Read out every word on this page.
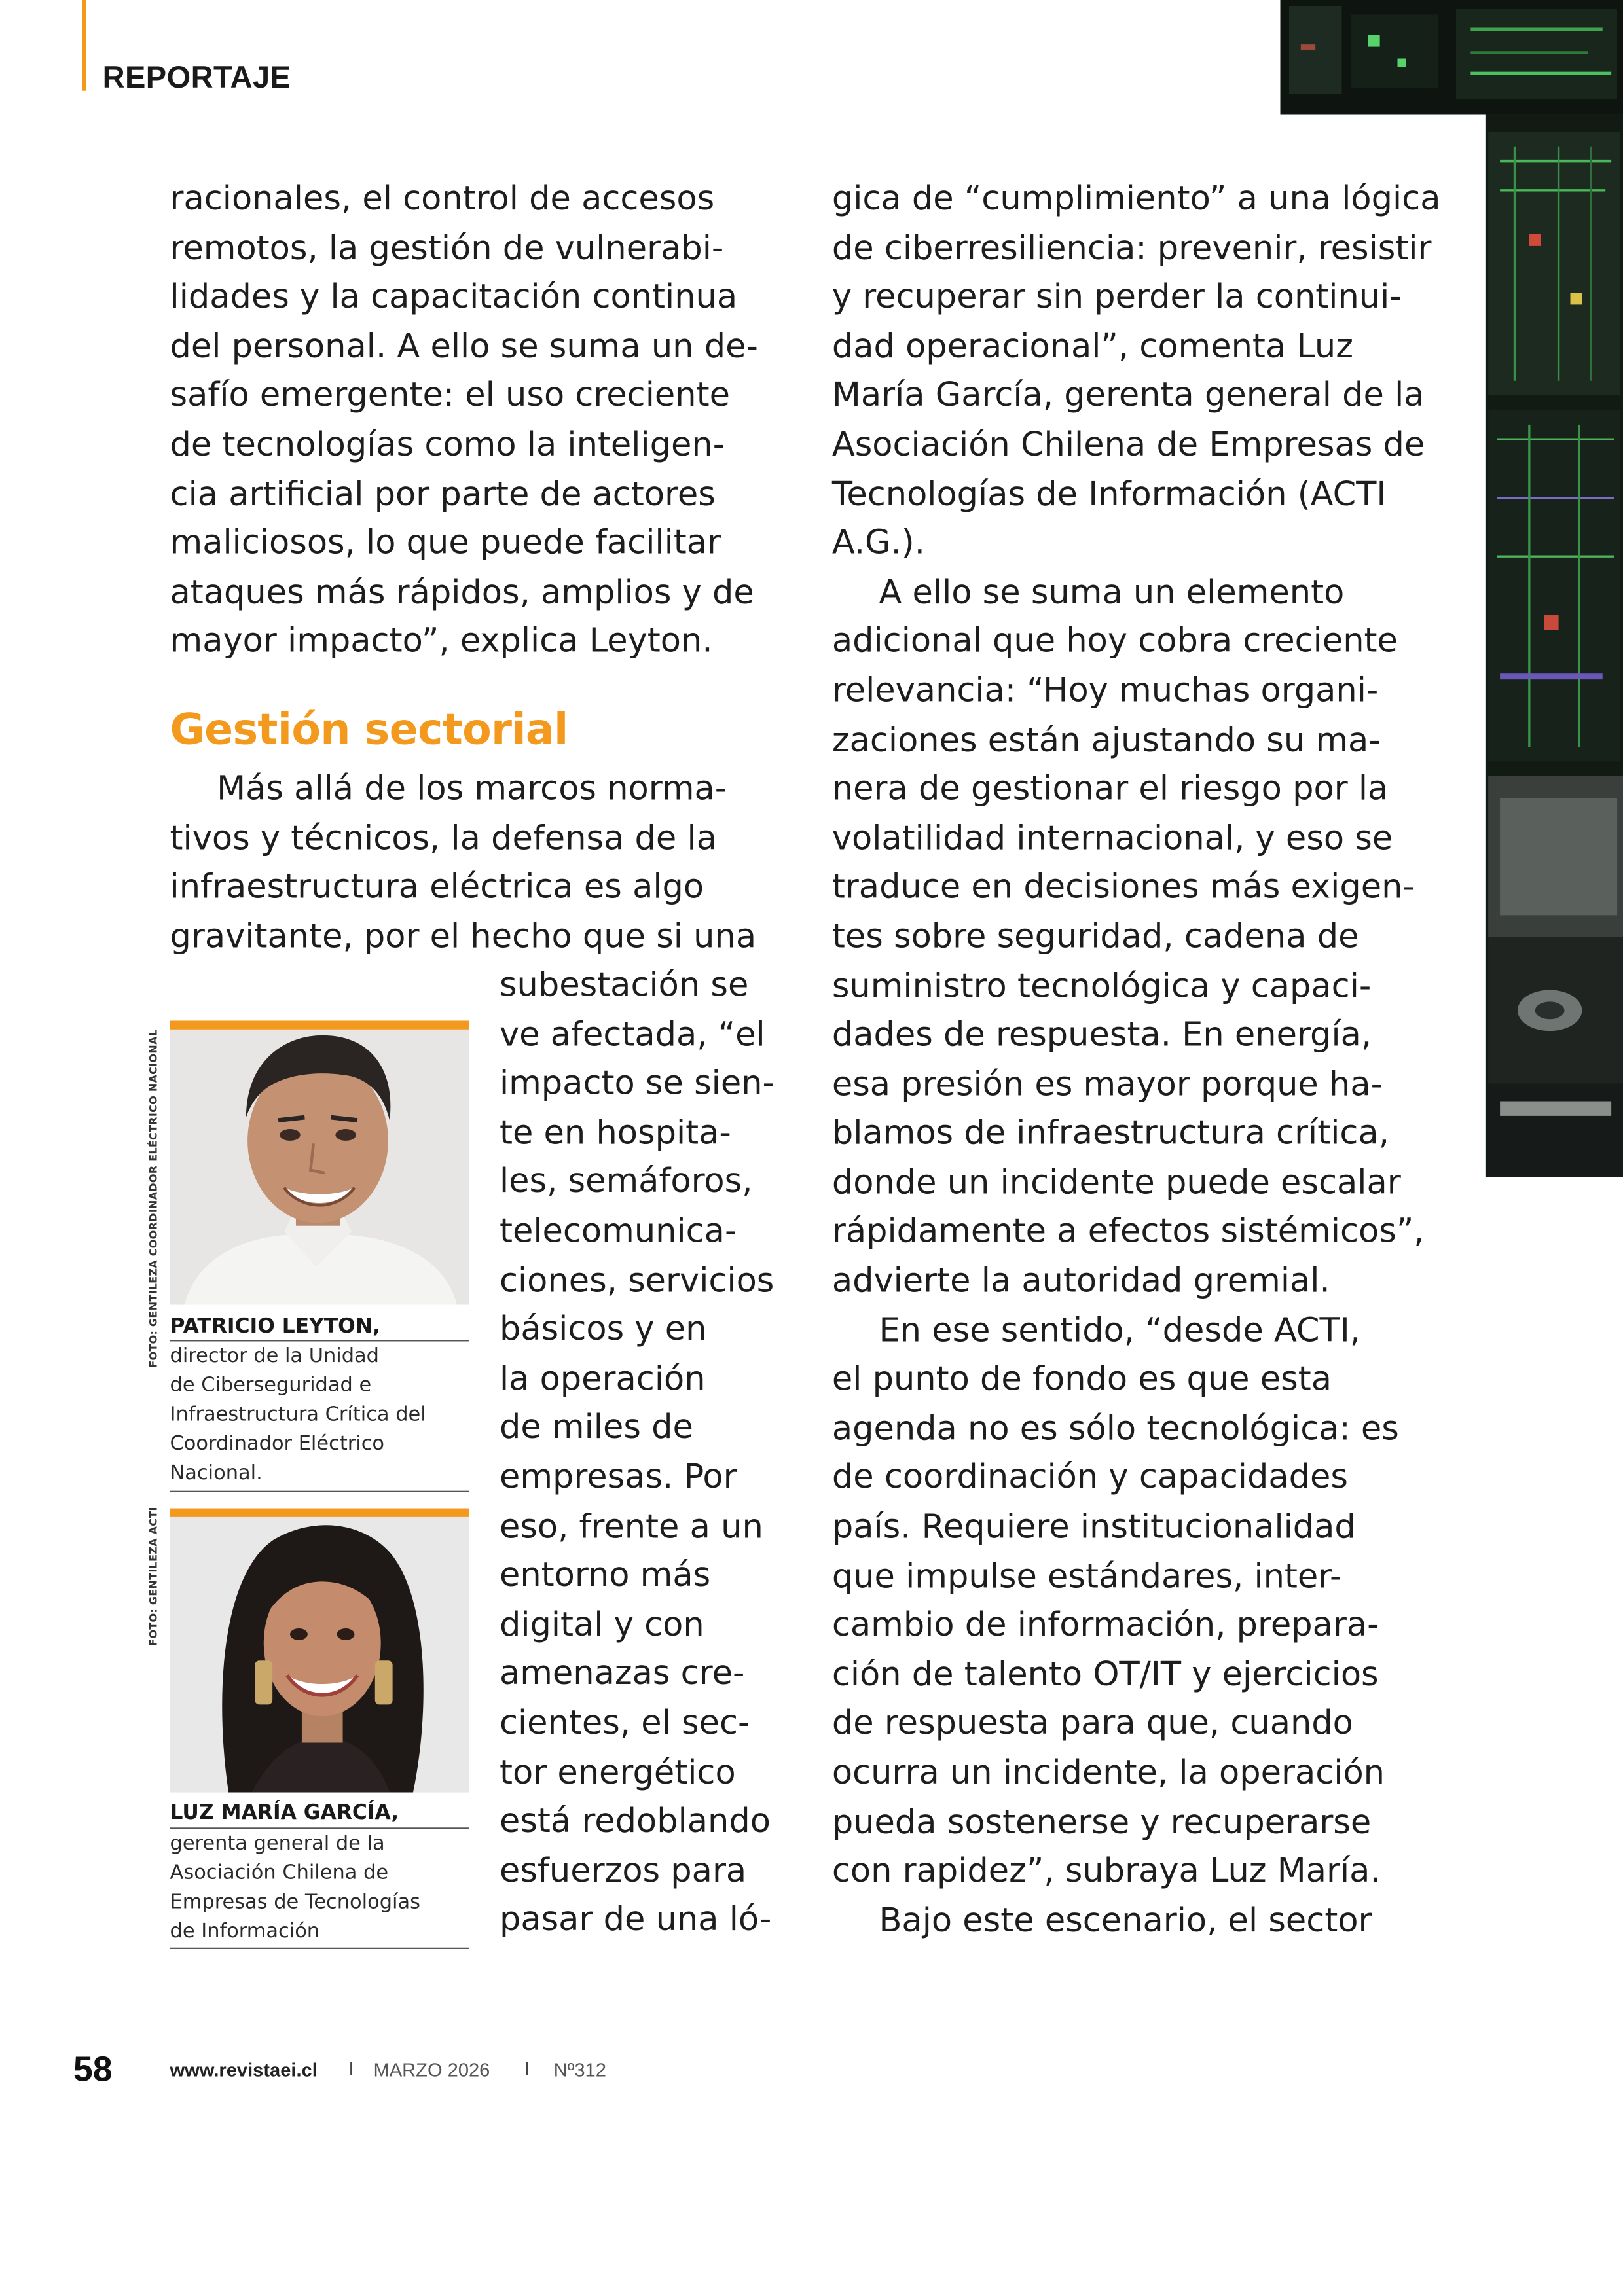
REPORTAJE
racionales, el control de accesos
remotos, la gestión de vulnerabi-
lidades y la capacitación continua
del personal. A ello se suma un de-
safío emergente: el uso creciente
de tecnologías como la inteligen-
cia artificial por parte de actores
maliciosos, lo que puede facilitar
ataques más rápidos, amplios y de
mayor impacto”, explica Leyton.
Gestión sectorial
Más allá de los marcos norma-
tivos y técnicos, la defensa de la
infraestructura eléctrica es algo
gravitante, por el hecho que si una
subestación se
ve afectada, “el
impacto se sien-
te en hospita-
les, semáforos,
telecomunica-
ciones, servicios
básicos y en
la operación
de miles de
empresas. Por
eso, frente a un
entorno más
digital y con
amenazas cre-
cientes, el sec-
tor energético
está redoblando
esfuerzos para
pasar de una ló-
gica de “cumplimiento” a una lógica
de ciberresiliencia: prevenir, resistir
y recuperar sin perder la continui-
dad operacional”, comenta Luz
María García, gerenta general de la
Asociación Chilena de Empresas de
Tecnologías de Información (ACTI
A.G.).
A ello se suma un elemento
adicional que hoy cobra creciente
relevancia: “Hoy muchas organi-
zaciones están ajustando su ma-
nera de gestionar el riesgo por la
volatilidad internacional, y eso se
traduce en decisiones más exigen-
tes sobre seguridad, cadena de
suministro tecnológica y capaci-
dades de respuesta. En energía,
esa presión es mayor porque ha-
blamos de infraestructura crítica,
donde un incidente puede escalar
rápidamente a efectos sistémicos”,
advierte la autoridad gremial.
En ese sentido, “desde ACTI,
el punto de fondo es que esta
agenda no es sólo tecnológica: es
de coordinación y capacidades
país. Requiere institucionalidad
que impulse estándares, inter-
cambio de información, prepara-
ción de talento OT/IT y ejercicios
de respuesta para que, cuando
ocurra un incidente, la operación
pueda sostenerse y recuperarse
con rapidez”, subraya Luz María.
Bajo este escenario, el sector
FOTO: GENTILEZA COORDINADOR ELÉCTRICO NACIONAL PATRICIO LEYTON,
director de la Unidad
de Ciberseguridad e
Infraestructura Crítica del
Coordinador Eléctrico
Nacional.
FOTO: GENTILEZA ACTI
LUZ MARÍA GARCÍA,
gerenta general de la
Asociación Chilena de
Empresas de Tecnologías
de Información
58	www.revistaei.cl	I MARZO 2026	I	Nº312
